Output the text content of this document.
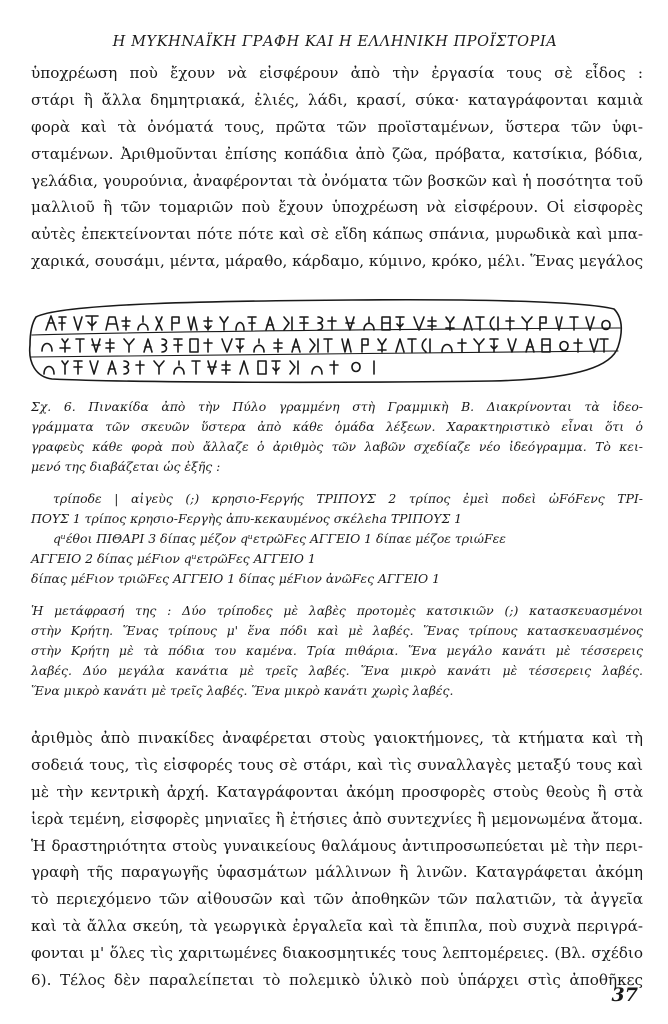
Η ΜΥΚΗΝΑΪΚΗ ΓΡΑΦΗ ΚΑΙ Η ΕΛΛΗΝΙΚΗ ΠΡΟΪΣΤΟΡΙΑ
ὑποχρέωση ποὺ ἔχουν νὰ εἰσφέρουν ἀπὸ τὴν ἐργασία τους σὲ εἶδος :
στάρι ἢ ἄλλα δημητριακά, ἐλιές, λάδι, κρασί, σύκα· καταγράφονται καμιὰ
φορὰ καὶ τὰ ὀνόματά τους, πρῶτα τῶν προϊσταμένων, ὕστερα τῶν ὑφι-
σταμένων. Ἀριθμοῦνται ἐπίσης κοπάδια ἀπὸ ζῶα, πρόβατα, κατσίκια, βόδια,
γελάδια, γουρούνια, ἀναφέρονται τὰ ὀνόματα τῶν βοσκῶν καὶ ἡ ποσότητα τοῦ
μαλλιοῦ ἢ τῶν τομαριῶν ποὺ ἔχουν ὑποχρέωση νὰ εἰσφέρουν. Οἱ εἰσφορὲς
αὐτὲς ἐπεκτείνονται πότε πότε καὶ σὲ εἴδη κάπως σπάνια, μυρωδικὰ καὶ μπα-
χαρικά, σουσάμι, μέντα, μάραθο, κάρδαμο, κύμινο, κρόκο, μέλι. Ἕνας μεγάλος
Σχ. 6. Πινακίδα ἀπὸ τὴν Πύλο γραμμένη στὴ Γραμμικὴ Β. Διακρίνονται τὰ ἰδεο-
γράμματα τῶν σκευῶν ὕστερα ἀπὸ κάθε ὁμάδα λέξεων. Χαρακτηριστικὸ εἶναι ὅτι ὁ
γραφεὺς κάθε φορὰ ποὺ ἄλλαζε ὁ ἀριθμὸς τῶν λαβῶν σχεδίαζε νέο ἰδεόγραμμα. Τὸ κει-
μενό της διαβάζεται ὡς ἑξῆς :
τρίποδε | αἰγεὺς (;) κρησιο-Fεργής ΤΡΙΠΟΥΣ 2 τρίπος ἐμεὶ ποδεὶ ὠFόFενς ΤΡΙ-
ΠΟΥΣ 1 τρίπος κρησιο-Fεργὴς ἀπυ-κεκαυμένος σκέλεha ΤΡΙΠΟΥΣ 1
qᵘέθοι ΠΙΘΑΡΙ 3 δίπας μέζον qᵘετρῶFες ΑΓΓΕΙΟ 1 δίπαε μέζοε τριώFεε
ΑΓΓΕΙΟ 2 δίπας μέFιον qᵘετρῶFες ΑΓΓΕΙΟ 1
δίπας μέFιον τριῶFες ΑΓΓΕΙΟ 1 δίπας μέFιον ἀνῶFες ΑΓΓΕΙΟ 1
Ἡ μετάφρασή της : Δύο τρίποδες μὲ λαβὲς προτομὲς κατσικιῶν (;) κατασκευασμένοι
στὴν Κρήτη. Ἕνας τρίπους μ' ἕνα πόδι καὶ μὲ λαβές. Ἕνας τρίπους κατασκευασμένος
στὴν Κρήτη μὲ τὰ πόδια του καμένα. Τρία πιθάρια. Ἕνα μεγάλο κανάτι μὲ τέσσερεις
λαβές. Δύο μεγάλα κανάτια μὲ τρεῖς λαβές. Ἕνα μικρὸ κανάτι μὲ τέσσερεις λαβές.
Ἕνα μικρὸ κανάτι μὲ τρεῖς λαβές. Ἕνα μικρὸ κανάτι χωρὶς λαβές.
ἀριθμὸς ἀπὸ πινακίδες ἀναφέρεται στοὺς γαιοκτήμονες, τὰ κτήματα καὶ τὴ
σοδειά τους, τὶς εἰσφορές τους σὲ στάρι, καὶ τὶς συναλλαγὲς μεταξύ τους καὶ
μὲ τὴν κεντρικὴ ἀρχή. Καταγράφονται ἀκόμη προσφορὲς στοὺς θεοὺς ἢ στὰ
ἱερὰ τεμένη, εἰσφορὲς μηνιαῖες ἢ ἐτήσιες ἀπὸ συντεχνίες ἢ μεμονωμένα ἄτομα.
Ἡ δραστηριότητα στοὺς γυναικείους θαλάμους ἀντιπροσωπεύεται μὲ τὴν περι-
γραφὴ τῆς παραγωγῆς ὑφασμάτων μάλλινων ἢ λινῶν. Καταγράφεται ἀκόμη
τὸ περιεχόμενο τῶν αἰθουσῶν καὶ τῶν ἀποθηκῶν τῶν παλατιῶν, τὰ ἀγγεῖα
καὶ τὰ ἄλλα σκεύη, τὰ γεωργικὰ ἐργαλεῖα καὶ τὰ ἔπιπλα, ποὺ συχνὰ περιγρά-
φονται μ' ὅλες τὶς χαριτωμένες διακοσμητικές τους λεπτομέρειες. (Βλ. σχέδιο
6). Τέλος δὲν παραλείπεται τὸ πολεμικὸ ὑλικὸ ποὺ ὑπάρχει στὶς ἀποθῆκες
37
